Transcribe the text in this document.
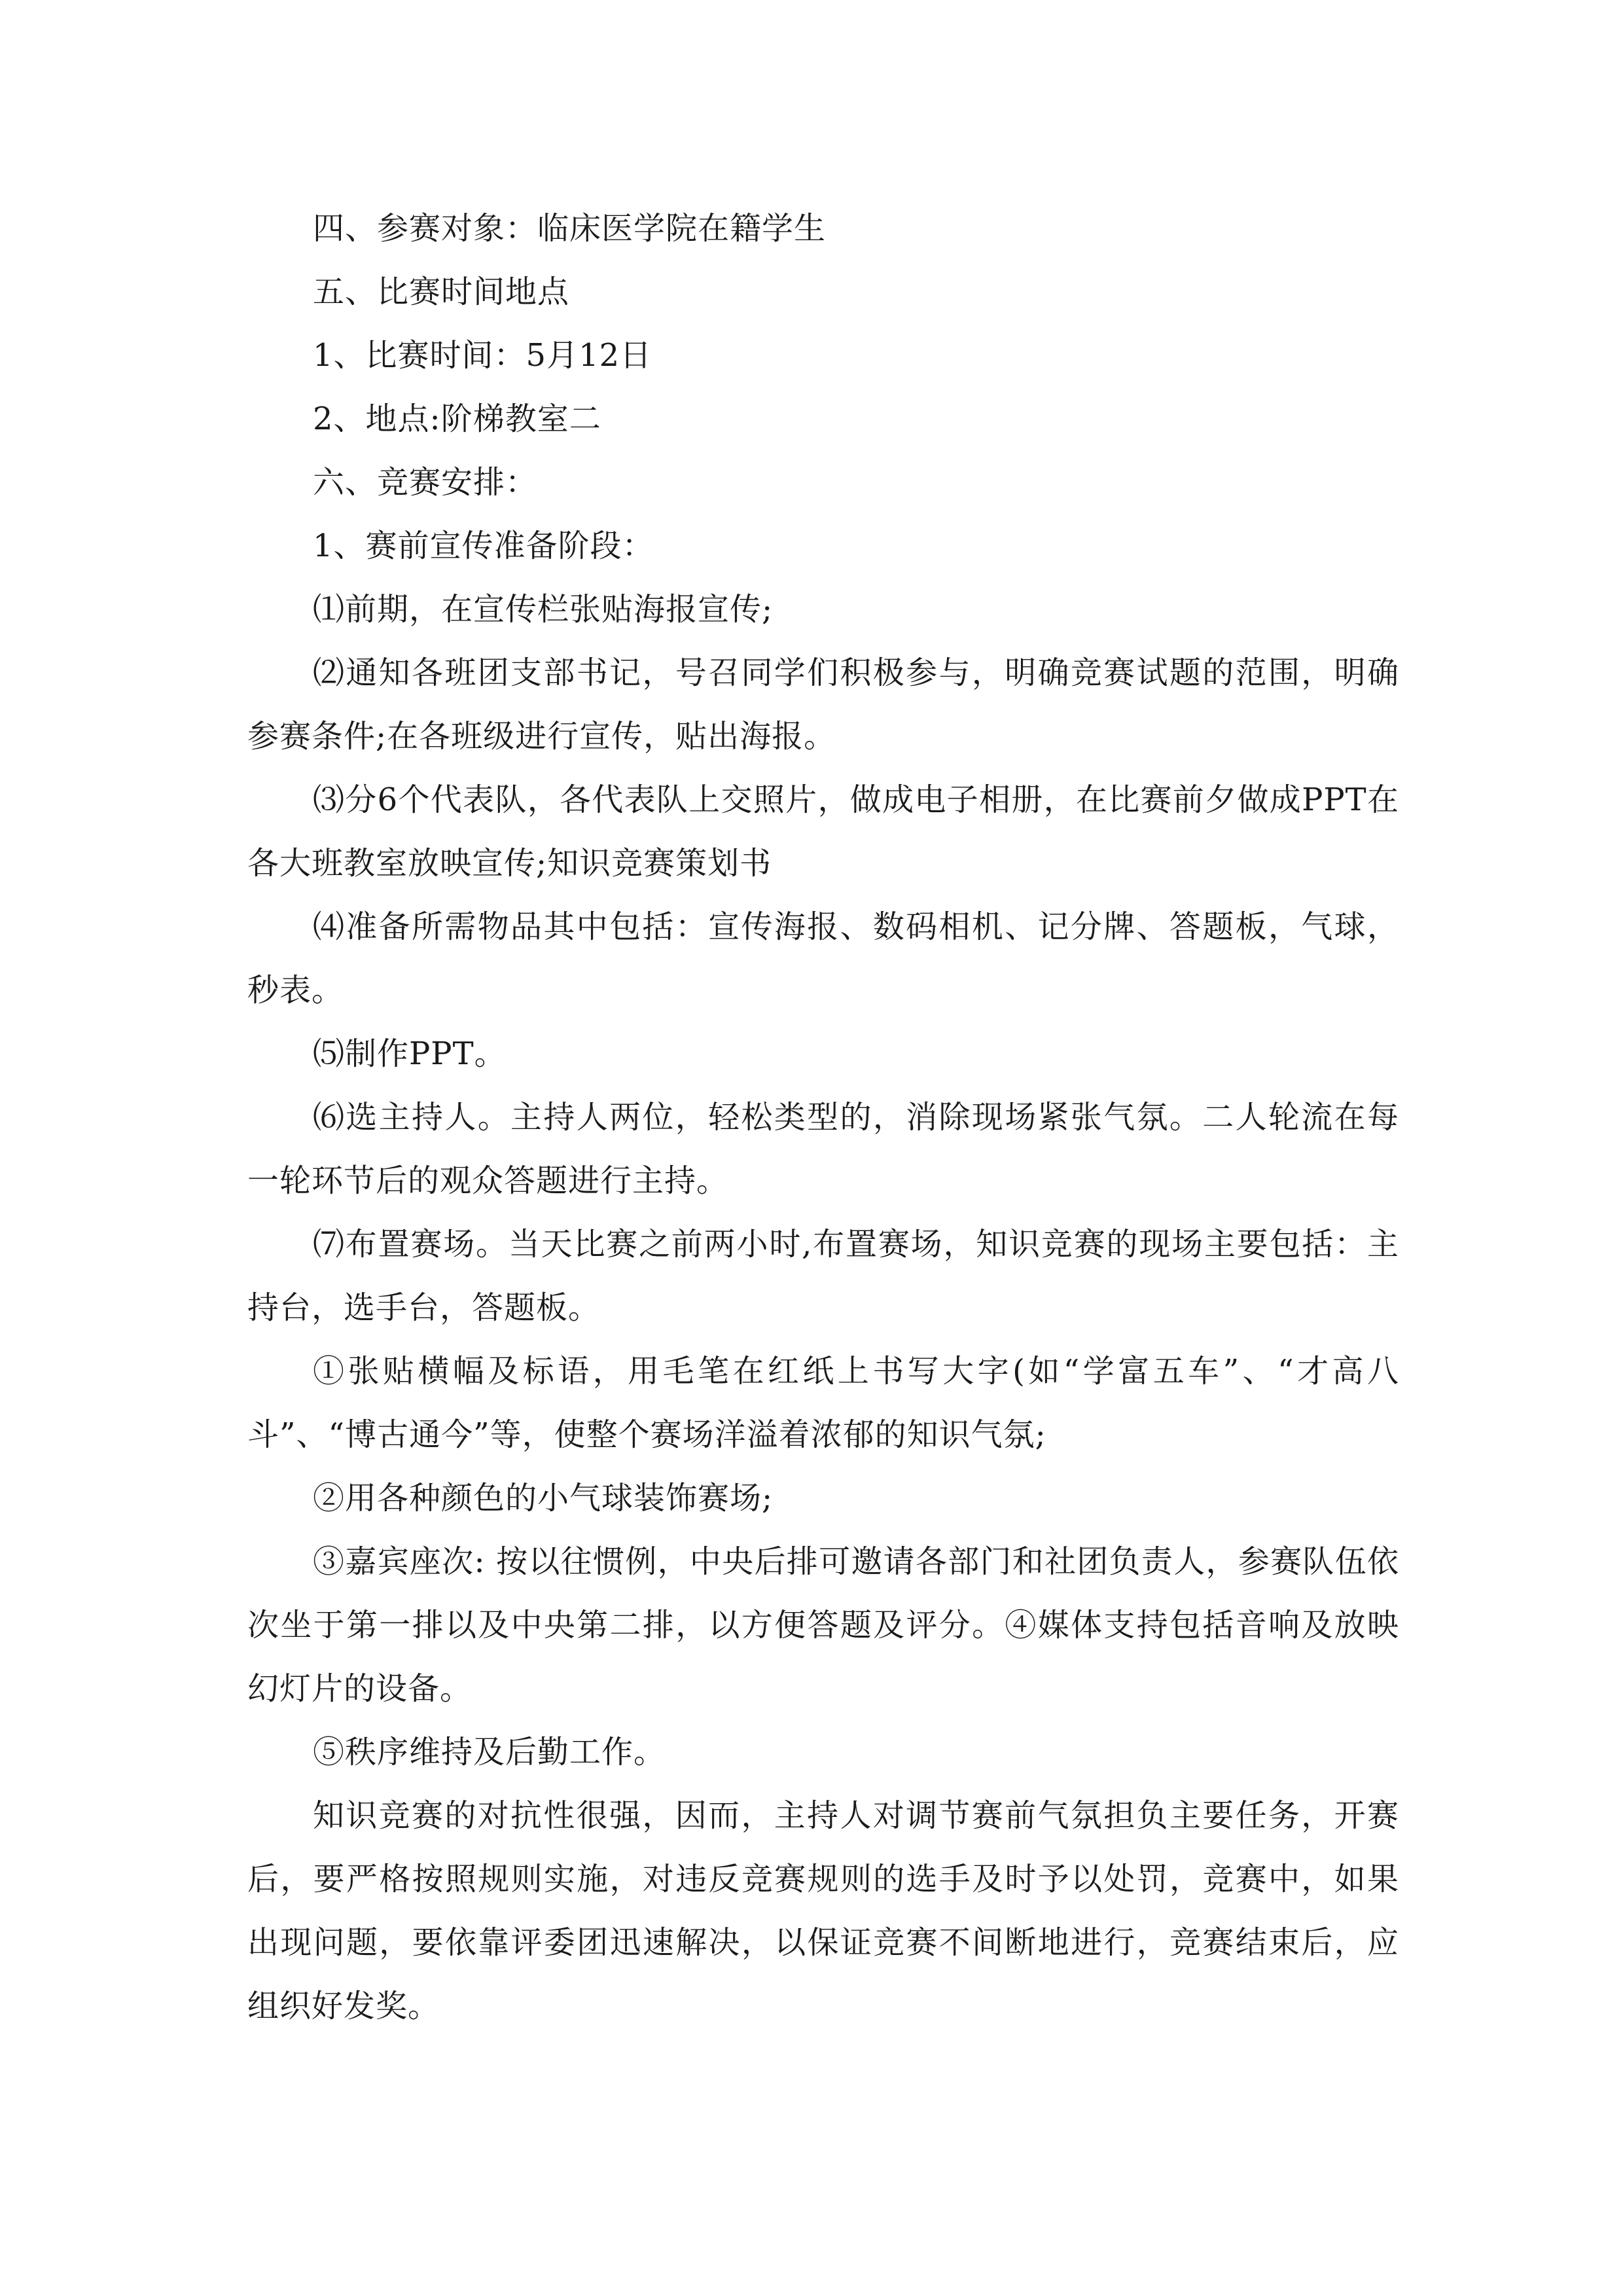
四、参赛对象：临床医学院在籍学生

五、比赛时间地点

1、比赛时间：5月12日

2、地点:阶梯教室二

六、竞赛安排：

1、赛前宣传准备阶段：

⑴前期，在宣传栏张贴海报宣传;

⑵通知各班团支部书记，号召同学们积极参与，明确竞赛试题的范围，明确参赛条件;在各班级进行宣传，贴出海报。

⑶分6个代表队，各代表队上交照片，做成电子相册，在比赛前夕做成PPT在各大班教室放映宣传;知识竞赛策划书

⑷准备所需物品其中包括：宣传海报、数码相机、记分牌、答题板，气球，秒表。

⑸制作PPT。

⑹选主持人。主持人两位，轻松类型的，消除现场紧张气氛。二人轮流在每一轮环节后的观众答题进行主持。

⑺布置赛场。当天比赛之前两小时,布置赛场，知识竞赛的现场主要包括：主持台，选手台，答题板。

①张贴横幅及标语，用毛笔在红纸上书写大字(如“学富五车”、“才高八斗”、“博古通今”等，使整个赛场洋溢着浓郁的知识气氛;

②用各种颜色的小气球装饰赛场;

③嘉宾座次: 按以往惯例，中央后排可邀请各部门和社团负责人，参赛队伍依次坐于第一排以及中央第二排，以方便答题及评分。④媒体支持包括音响及放映幻灯片的设备。

⑤秩序维持及后勤工作。

知识竞赛的对抗性很强，因而，主持人对调节赛前气氛担负主要任务，开赛后，要严格按照规则实施，对违反竞赛规则的选手及时予以处罚，竞赛中，如果出现问题，要依靠评委团迅速解决，以保证竞赛不间断地进行，竞赛结束后，应组织好发奖。
